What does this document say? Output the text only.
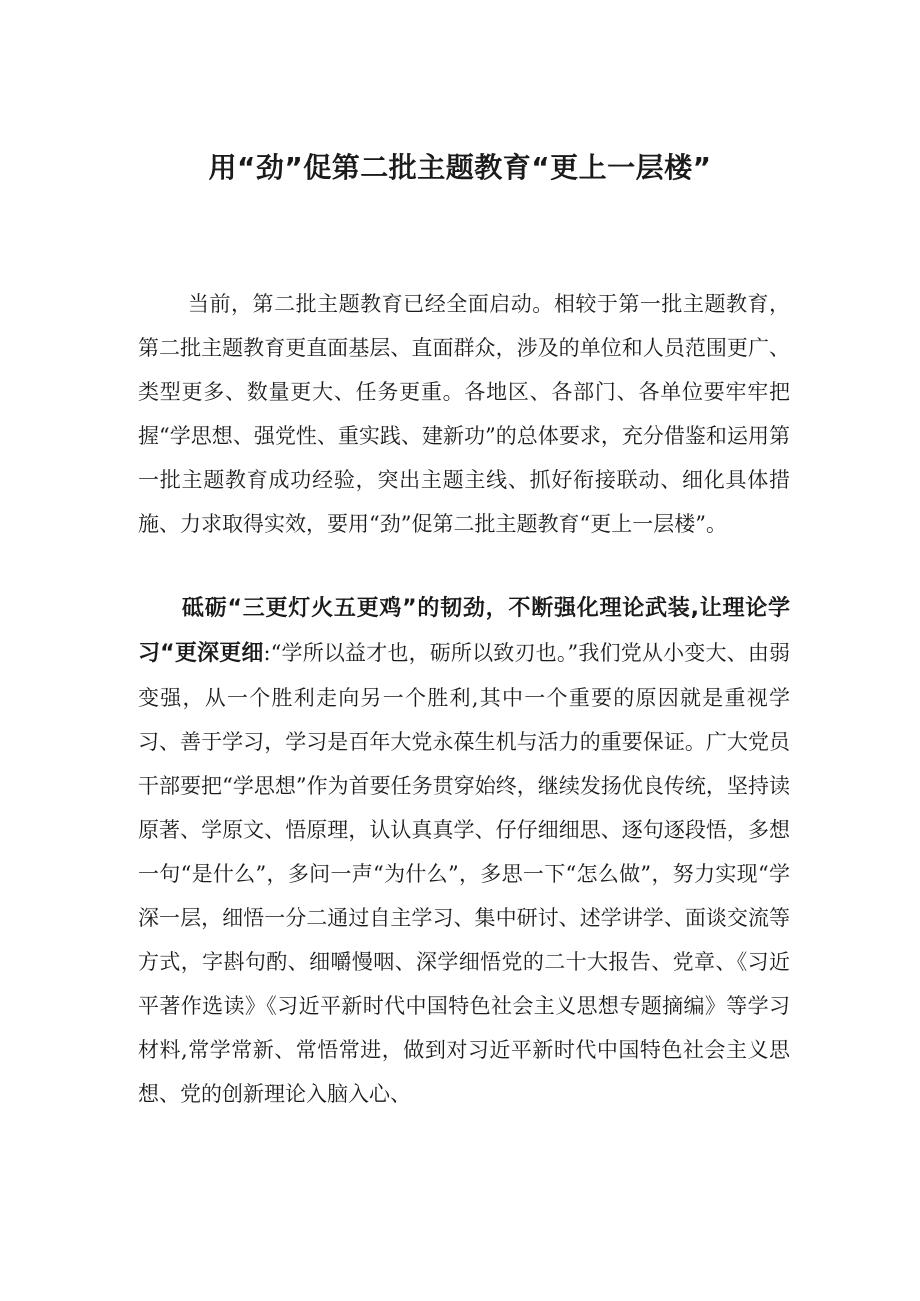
用“劲”促第二批主题教育“更上一层楼”

当前，第二批主题教育已经全面启动。相较于第一批主题教育，第二批主题教育更直面基层、直面群众，涉及的单位和人员范围更广、类型更多、数量更大、任务更重。各地区、各部门、各单位要牢牢把握“学思想、强党性、重实践、建新功”的总体要求，充分借鉴和运用第一批主题教育成功经验，突出主题主线、抓好衔接联动、细化具体措施、力求取得实效，要用“劲”促第二批主题教育“更上一层楼”。

砥砺“三更灯火五更鸡”的韧劲，不断强化理论武装,让理论学习“更深更细:“学所以益才也，砺所以致刃也。”我们党从小变大、由弱变强，从一个胜利走向另一个胜利,其中一个重要的原因就是重视学习、善于学习，学习是百年大党永葆生机与活力的重要保证。广大党员干部要把“学思想”作为首要任务贯穿始终，继续发扬优良传统，坚持读原著、学原文、悟原理，认认真真学、仔仔细细思、逐句逐段悟，多想一句“是什么”，多问一声“为什么”，多思一下“怎么做”，努力实现“学深一层，细悟一分二通过自主学习、集中研讨、述学讲学、面谈交流等方式，字斟句酌、细嚼慢咽、深学细悟党的二十大报告、党章、《习近平著作选读》《习近平新时代中国特色社会主义思想专题摘编》等学习材料,常学常新、常悟常进，做到对习近平新时代中国特色社会主义思想、党的创新理论入脑入心、
